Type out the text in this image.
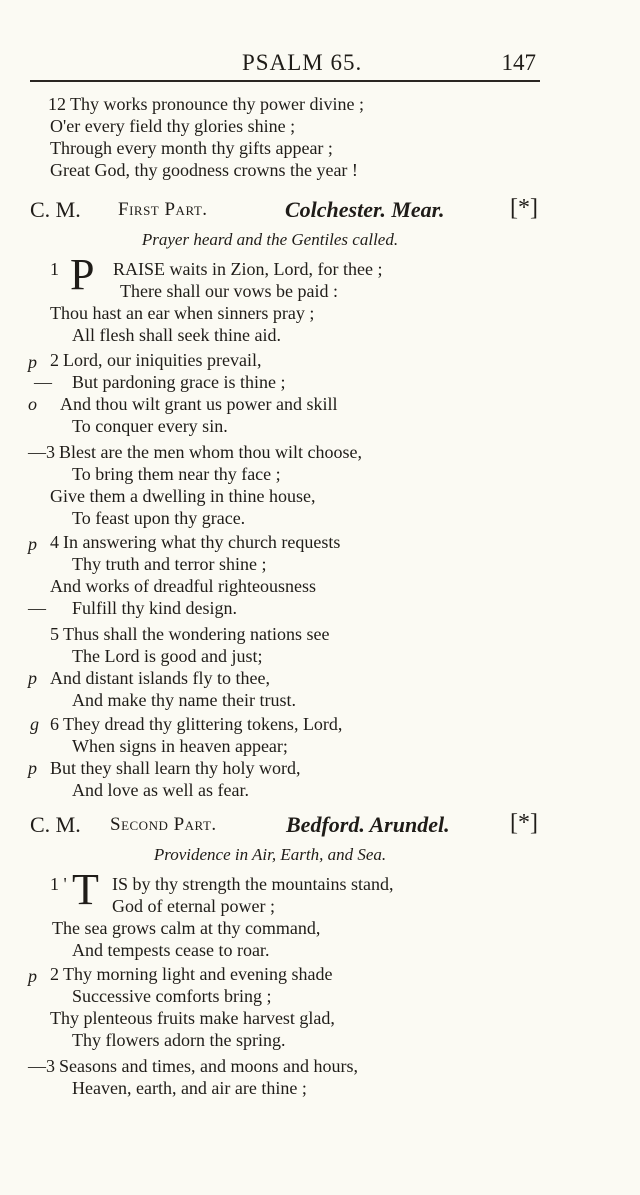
PSALM 65.	147
12 Thy works pronounce thy power divine ;
O'er every field thy glories shine ;
Through every month thy gifts appear ;
Great God, thy goodness crowns the year !
C. M. First Part.	Colchester. Mear.	[*]
Prayer heard and the Gentiles called.
1 P RAISE waits in Zion, Lord, for thee ;
There shall our vows be paid :
Thou hast an ear when sinners pray ;
All flesh shall seek thine aid.
p 2 Lord, our iniquities prevail,
— But pardoning grace is thine ;
o And thou wilt grant us power and skill
To conquer every sin.
—3 Blest are the men whom thou wilt choose,
To bring them near thy face ;
Give them a dwelling in thine house,
To feast upon thy grace.
p 4 In answering what thy church requests
Thy truth and terror shine ;
And works of dreadful righteousness
— Fulfill thy kind design.
5 Thus shall the wondering nations see
The Lord is good and just;
p And distant islands fly to thee,
And make thy name their trust.
g 6 They dread thy glittering tokens, Lord,
When signs in heaven appear;
p But they shall learn thy holy word,
And love as well as fear.
C. M. Second Part.	Bedford. Arundel.	[*]
Providence in Air, Earth, and Sea.
1 ' T IS by thy strength the mountains stand,
God of eternal power ;
The sea grows calm at thy command,
And tempests cease to roar.
p 2 Thy morning light and evening shade
Successive comforts bring ;
Thy plenteous fruits make harvest glad,
Thy flowers adorn the spring.
—3 Seasons and times, and moons and hours,
Heaven, earth, and air are thine ;
